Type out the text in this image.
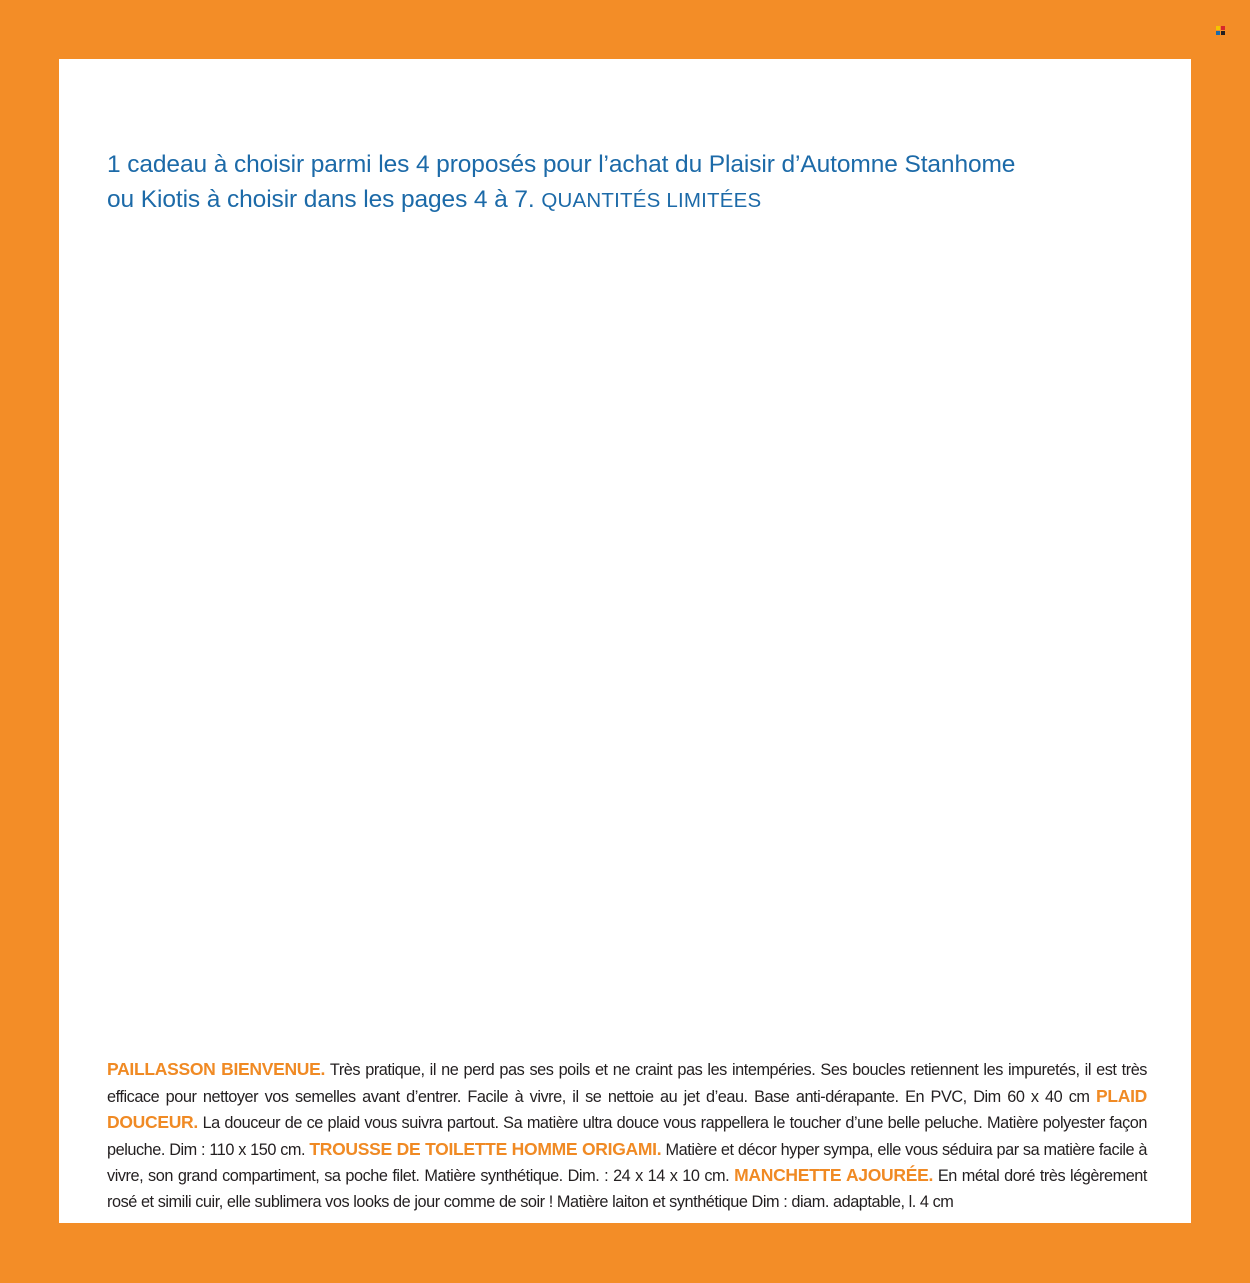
1 cadeau à choisir parmi les 4 proposés pour l’achat du Plaisir d’Automne Stanhome
ou Kiotis à choisir dans les pages 4 à 7. QUANTITÉS LIMITÉES
PAILLASSON BIENVENUE. Très pratique, il ne perd pas ses poils et ne craint pas les intempéries. Ses boucles retiennent les impuretés, il est très efficace pour nettoyer vos semelles avant d’entrer. Facile à vivre, il se nettoie au jet d’eau. Base anti-dérapante. En PVC, Dim 60 x 40 cm PLAID DOUCEUR. La douceur de ce plaid vous suivra partout. Sa matière ultra douce vous rappellera le toucher d’une belle peluche. Matière polyester façon peluche. Dim : 110 x 150 cm. TROUSSE DE TOILETTE HOMME ORIGAMI. Matière et décor hyper sympa, elle vous séduira par sa matière facile à vivre, son grand compartiment, sa poche filet. Matière synthétique. Dim. : 24 x 14 x 10 cm. MANCHETTE AJOURÉE. En métal doré très légèrement rosé et simili cuir, elle sublimera vos looks de jour comme de soir ! Matière laiton et synthétique Dim : diam. adaptable, l. 4 cm
